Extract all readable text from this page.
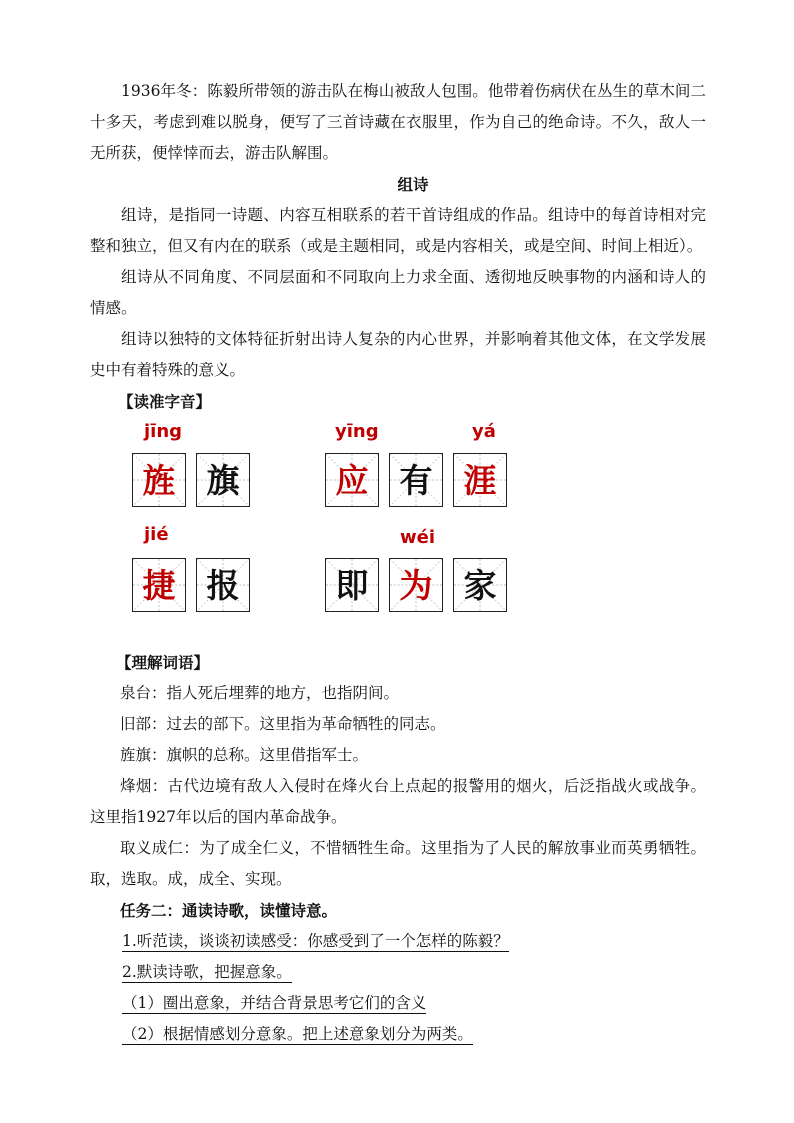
1936年冬：陈毅所带领的游击队在梅山被敌人包围。他带着伤病伏在丛生的草木间二十多天，考虑到难以脱身，便写了三首诗藏在衣服里，作为自己的绝命诗。不久，敌人一无所获，便悻悻而去，游击队解围。

组诗

组诗，是指同一诗题、内容互相联系的若干首诗组成的作品。组诗中的每首诗相对完整和独立，但又有内在的联系（或是主题相同，或是内容相关，或是空间、时间上相近）。

组诗从不同角度、不同层面和不同取向上力求全面、透彻地反映事物的内涵和诗人的情感。

组诗以独特的文体特征折射出诗人复杂的内心世界，并影响着其他文体，在文学发展史中有着特殊的意义。

【读准字音】
jīng
旌 旗
yīng	yá
应 有 涯
jié
捷 报
wéi
即 为 家
【理解词语】

泉台：指人死后埋葬的地方，也指阴间。

旧部：过去的部下。这里指为革命牺牲的同志。

旌旗：旗帜的总称。这里借指军士。

烽烟：古代边境有敌人入侵时在烽火台上点起的报警用的烟火，后泛指战火或战争。这里指1927年以后的国内革命战争。

取义成仁：为了成全仁义，不惜牺牲生命。这里指为了人民的解放事业而英勇牺牲。取，选取。成，成全、实现。

任务二：通读诗歌，读懂诗意。
1.听范读，谈谈初读感受：你感受到了一个怎样的陈毅？
2.默读诗歌，把握意象。
（1）圈出意象，并结合背景思考它们的含义
（2）根据情感划分意象。把上述意象划分为两类。
